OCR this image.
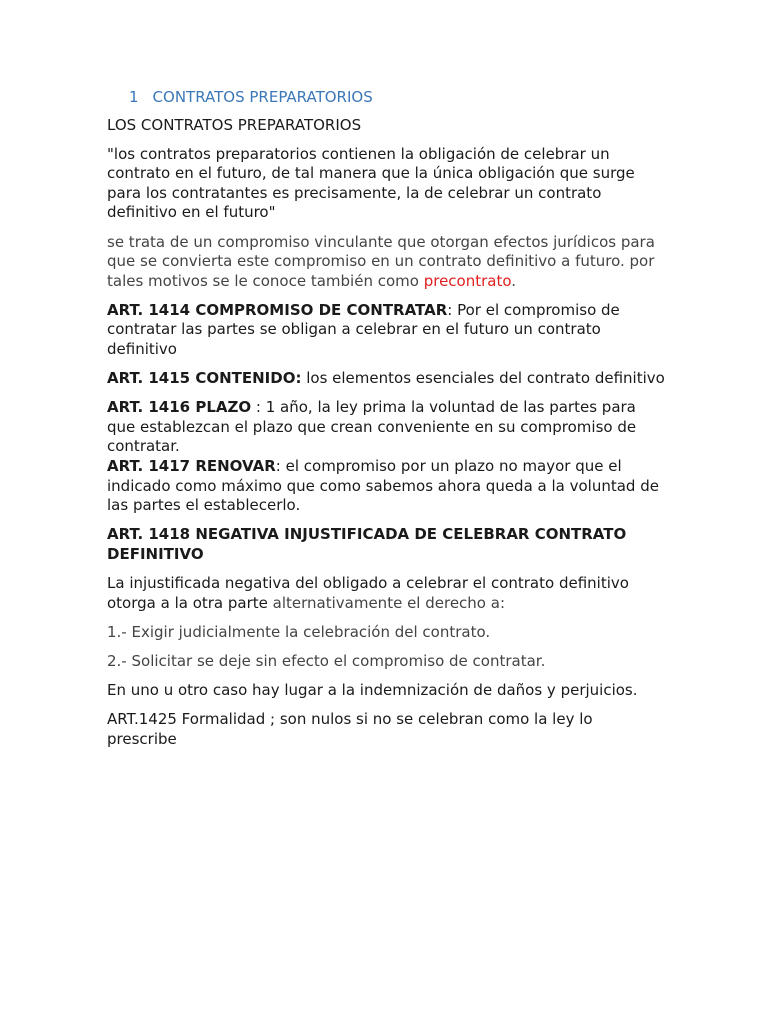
1 CONTRATOS PREPARATORIOS

LOS CONTRATOS PREPARATORIOS

"los contratos preparatorios contienen la obligación de celebrar un contrato en el futuro, de tal manera que la única obligación que surge para los contratantes es precisamente, la de celebrar un contrato definitivo en el futuro"

se trata de un compromiso vinculante que otorgan efectos jurídicos para que se convierta este compromiso en un contrato definitivo a futuro. por tales motivos se le conoce también como precontrato.

ART. 1414 COMPROMISO DE CONTRATAR: Por el compromiso de contratar las partes se obligan a celebrar en el futuro un contrato definitivo

ART. 1415 CONTENIDO: los elementos esenciales del contrato definitivo

ART. 1416 PLAZO : 1 año, la ley prima la voluntad de las partes para que establezcan el plazo que crean conveniente en su compromiso de contratar.

ART. 1417 RENOVAR: el compromiso por un plazo no mayor que el indicado como máximo que como sabemos ahora queda a la voluntad de las partes el establecerlo.

ART. 1418 NEGATIVA INJUSTIFICADA DE CELEBRAR CONTRATO DEFINITIVO

La injustificada negativa del obligado a celebrar el contrato definitivo otorga a la otra parte alternativamente el derecho a:

1.- Exigir judicialmente la celebración del contrato.

2.- Solicitar se deje sin efecto el compromiso de contratar.

En uno u otro caso hay lugar a la indemnización de daños y perjuicios.

ART.1425 Formalidad ; son nulos si no se celebran como la ley lo prescribe
